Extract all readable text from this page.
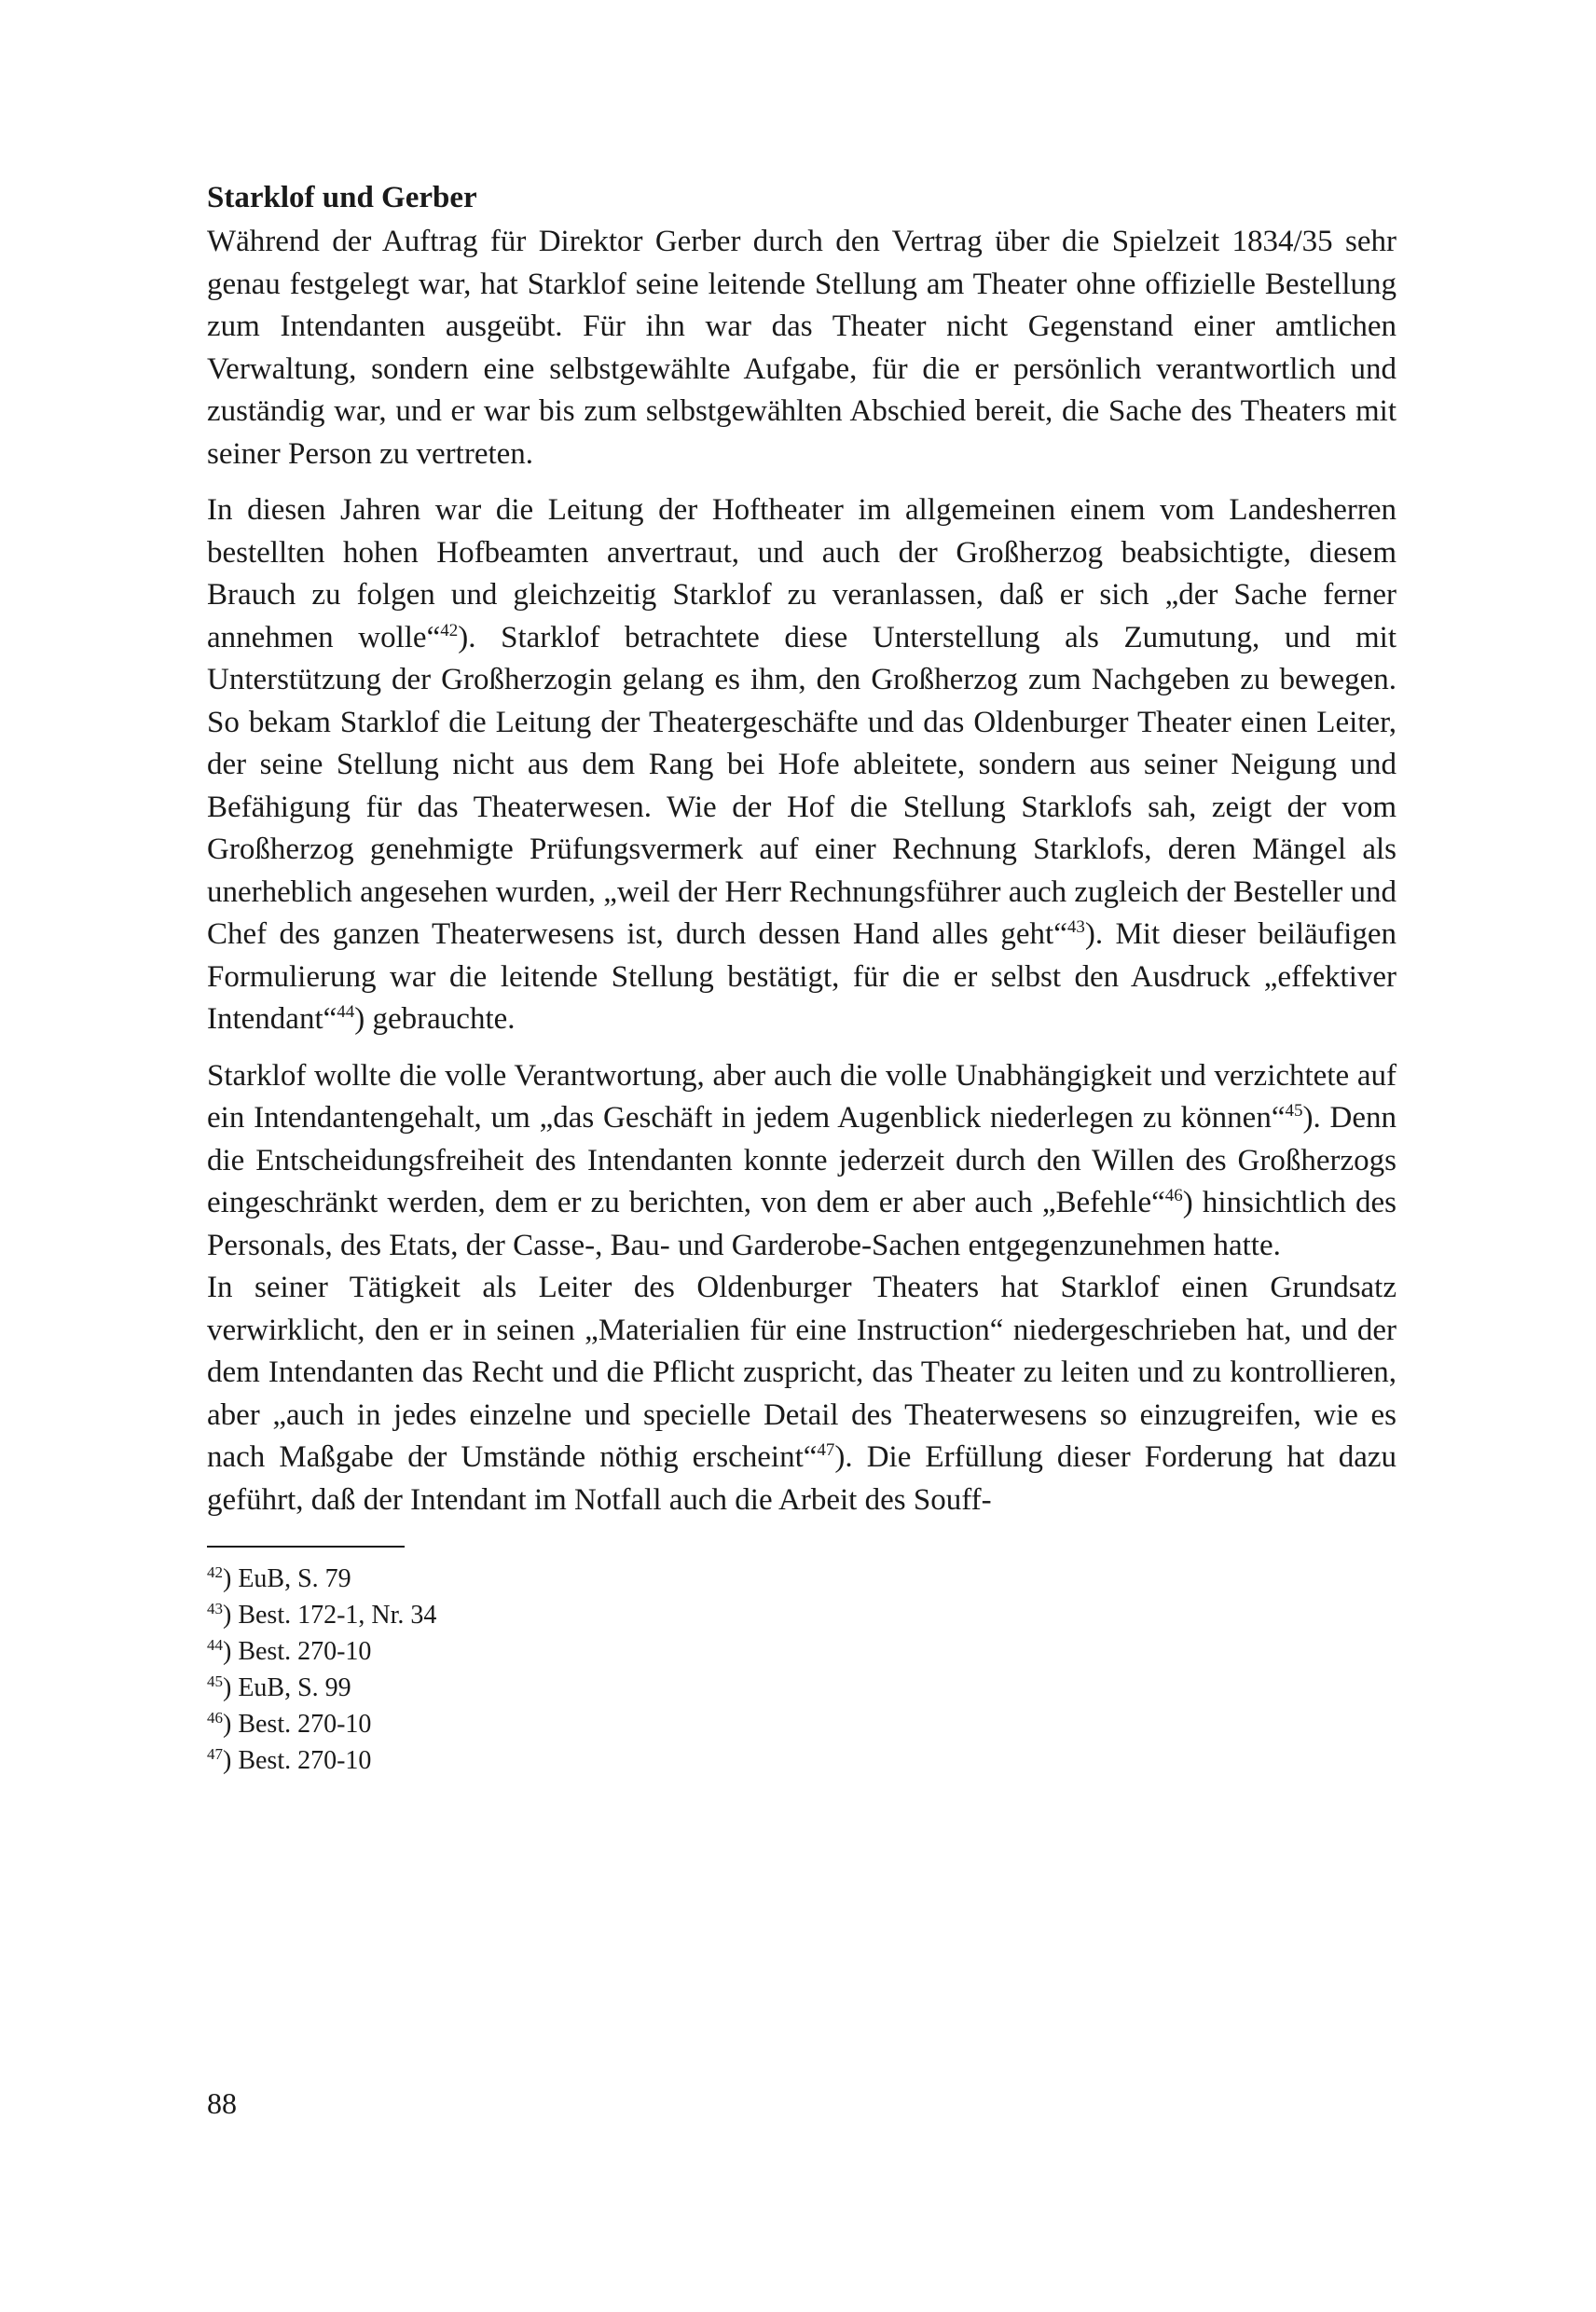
Starklof und Gerber

Während der Auftrag für Direktor Gerber durch den Vertrag über die Spielzeit 1834/35 sehr genau festgelegt war, hat Starklof seine leitende Stellung am Theater ohne offizielle Bestellung zum Intendanten ausgeübt. Für ihn war das Theater nicht Gegenstand einer amtlichen Verwaltung, sondern eine selbstgewählte Aufgabe, für die er persönlich verantwortlich und zuständig war, und er war bis zum selbstgewählten Abschied bereit, die Sache des Theaters mit seiner Person zu vertreten.

In diesen Jahren war die Leitung der Hoftheater im allgemeinen einem vom Landesherren bestellten hohen Hofbeamten anvertraut, und auch der Großherzog beabsichtigte, diesem Brauch zu folgen und gleichzeitig Starklof zu veranlassen, daß er sich „der Sache ferner annehmen wolle“$^{42}$). Starklof betrachtete diese Unterstellung als Zumutung, und mit Unterstützung der Großherzogin gelang es ihm, den Großherzog zum Nachgeben zu bewegen. So bekam Starklof die Leitung der Theatergeschäfte und das Oldenburger Theater einen Leiter, der seine Stellung nicht aus dem Rang bei Hofe ableitete, sondern aus seiner Neigung und Befähigung für das Theaterwesen. Wie der Hof die Stellung Starklofs sah, zeigt der vom Großherzog genehmigte Prüfungsvermerk auf einer Rechnung Starklofs, deren Mängel als unerheblich angesehen wurden, „weil der Herr Rechnungsführer auch zugleich der Besteller und Chef des ganzen Theaterwesens ist, durch dessen Hand alles geht“$^{43}$). Mit dieser beiläufigen Formulierung war die leitende Stellung bestätigt, für die er selbst den Ausdruck „effektiver Intendant“$^{44}$) gebrauchte.

Starklof wollte die volle Verantwortung, aber auch die volle Unabhängigkeit und verzichtete auf ein Intendantengehalt, um „das Geschäft in jedem Augenblick niederlegen zu können“$^{45}$). Denn die Entscheidungsfreiheit des Intendanten konnte jederzeit durch den Willen des Großherzogs eingeschränkt werden, dem er zu berichten, von dem er aber auch „Befehle“$^{46}$) hinsichtlich des Personals, des Etats, der Casse-, Bau- und Garderobe-Sachen entgegenzunehmen hatte.

In seiner Tätigkeit als Leiter des Oldenburger Theaters hat Starklof einen Grundsatz verwirklicht, den er in seinen „Materialien für eine Instruction“ niedergeschrieben hat, und der dem Intendanten das Recht und die Pflicht zuspricht, das Theater zu leiten und zu kontrollieren, aber „auch in jedes einzelne und specielle Detail des Theaterwesens so einzugreifen, wie es nach Maßgabe der Umstände nöthig erscheint“$^{47}$). Die Erfüllung dieser Forderung hat dazu geführt, daß der Intendant im Notfall auch die Arbeit des Souff-

$^{42}$) EuB, S. 79

$^{43}$) Best. 172-1, Nr. 34

$^{44}$) Best. 270-10

$^{45}$) EuB, S. 99

$^{46}$) Best. 270-10

$^{47}$) Best. 270-10

88
